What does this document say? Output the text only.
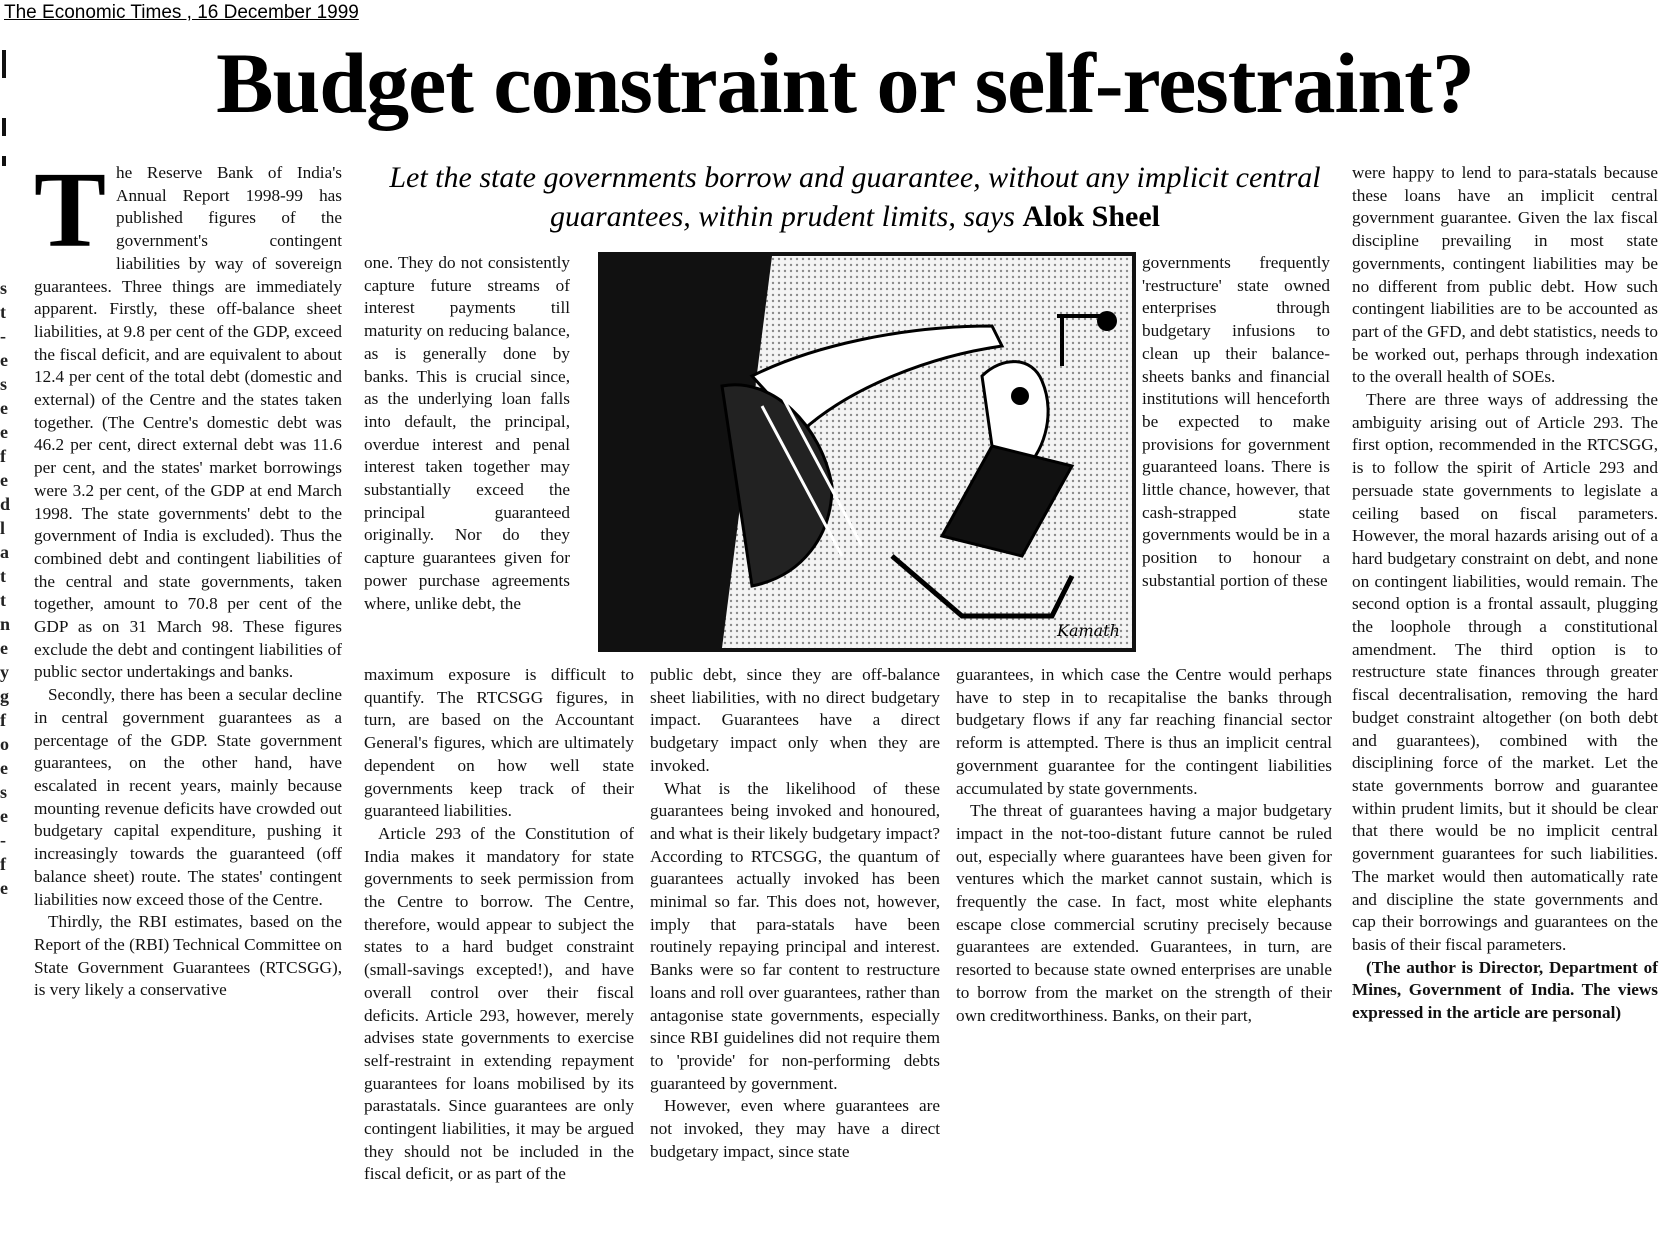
The Economic Times , 16 December 1999
s
t
-
e
s
e
e
f
e
d
l
a
t
t
n
e
y
g
f
o
e
s
e
-
f
e
Budget constraint or self-restraint?
Let the state governments borrow and guarantee, without any implicit central guarantees, within prudent limits, says Alok Sheel

The Reserve Bank of India's Annual Report 1998-99 has published figures of the government's contingent liabilities by way of sovereign guarantees. Three things are immediately apparent. Firstly, these off-balance sheet liabilities, at 9.8 per cent of the GDP, exceed the fiscal deficit, and are equivalent to about 12.4 per cent of the total debt (domestic and external) of the Centre and the states taken together. (The Centre's domestic debt was 46.2 per cent, direct external debt was 11.6 per cent, and the states' market borrowings were 3.2 per cent, of the GDP at end March 1998. The state governments' debt to the government of India is excluded). Thus the combined debt and contingent liabilities of the central and state governments, taken together, amount to 70.8 per cent of the GDP as on 31 March 98. These figures exclude the debt and contingent liabilities of public sector undertakings and banks.

Secondly, there has been a secular decline in central government guarantees as a percentage of the GDP. State government guarantees, on the other hand, have escalated in recent years, mainly because mounting revenue deficits have crowded out budgetary capital expenditure, pushing it increasingly towards the guaranteed (off balance sheet) route. The states' contingent liabilities now exceed those of the Centre.

Thirdly, the RBI estimates, based on the Report of the (RBI) Technical Committee on State Government Guarantees (RTCSGG), is very likely a conservative

one. They do not consistently capture future streams of interest payments till maturity on reducing balance, as is generally done by banks. This is crucial since, as the underlying loan falls into default, the principal, overdue interest and penal interest taken together may substantially exceed the principal guaranteed originally. Nor do they capture guarantees given for power purchase agreements where, unlike debt, the

Kamath

maximum exposure is difficult to quantify. The RTCSGG figures, in turn, are based on the Accountant General's figures, which are ultimately dependent on how well state governments keep track of their guaranteed liabilities.

Article 293 of the Constitution of India makes it mandatory for state governments to seek permission from the Centre to borrow. The Centre, therefore, would appear to subject the states to a hard budget constraint (small-savings excepted!), and have overall control over their fiscal deficits. Article 293, however, merely advises state governments to exercise self-restraint in extending repayment guarantees for loans mobilised by its parastatals. Since guarantees are only contingent liabilities, it may be argued they should not be included in the fiscal deficit, or as part of the

public debt, since they are off-balance sheet liabilities, with no direct budgetary impact. Guarantees have a direct budgetary impact only when they are invoked.

What is the likelihood of these guarantees being invoked and honoured, and what is their likely budgetary impact? According to RTCSGG, the quantum of guarantees actually invoked has been minimal so far. This does not, however, imply that para-statals have been routinely repaying principal and interest. Banks were so far content to restructure loans and roll over guarantees, rather than antagonise state governments, especially since RBI guidelines did not require them to 'provide' for non-performing debts guaranteed by government.

However, even where guarantees are not invoked, they may have a direct budgetary impact, since state

governments frequently 'restructure' state owned enterprises through budgetary infusions to clean up their balance-sheets banks and financial institutions will henceforth be expected to make provisions for government guaranteed loans. There is little chance, however, that cash-strapped state governments would be in a position to honour a substantial portion of these

guarantees, in which case the Centre would perhaps have to step in to recapitalise the banks through budgetary flows if any far reaching financial sector reform is attempted. There is thus an implicit central government guarantee for the contingent liabilities accumulated by state governments.

The threat of guarantees having a major budgetary impact in the not-too-distant future cannot be ruled out, especially where guarantees have been given for ventures which the market cannot sustain, which is frequently the case. In fact, most white elephants escape close commercial scrutiny precisely because guarantees are extended. Guarantees, in turn, are resorted to because state owned enterprises are unable to borrow from the market on the strength of their own creditworthiness. Banks, on their part,

were happy to lend to para-statals because these loans have an implicit central government guarantee. Given the lax fiscal discipline prevailing in most state governments, contingent liabilities may be no different from public debt. How such contingent liabilities are to be accounted as part of the GFD, and debt statistics, needs to be worked out, perhaps through indexation to the overall health of SOEs.

There are three ways of addressing the ambiguity arising out of Article 293. The first option, recommended in the RTCSGG, is to follow the spirit of Article 293 and persuade state governments to legislate a ceiling based on fiscal parameters. However, the moral hazards arising out of a hard budgetary constraint on debt, and none on contingent liabilities, would remain. The second option is a frontal assault, plugging the loophole through a constitutional amendment. The third option is to restructure state finances through greater fiscal decentralisation, removing the hard budget constraint altogether (on both debt and guarantees), combined with the disciplining force of the market. Let the state governments borrow and guarantee within prudent limits, but it should be clear that there would be no implicit central government guarantees for such liabilities. The market would then automatically rate and discipline the state governments and cap their borrowings and guarantees on the basis of their fiscal parameters.

(The author is Director, Department of Mines, Government of India. The views expressed in the article are personal)
